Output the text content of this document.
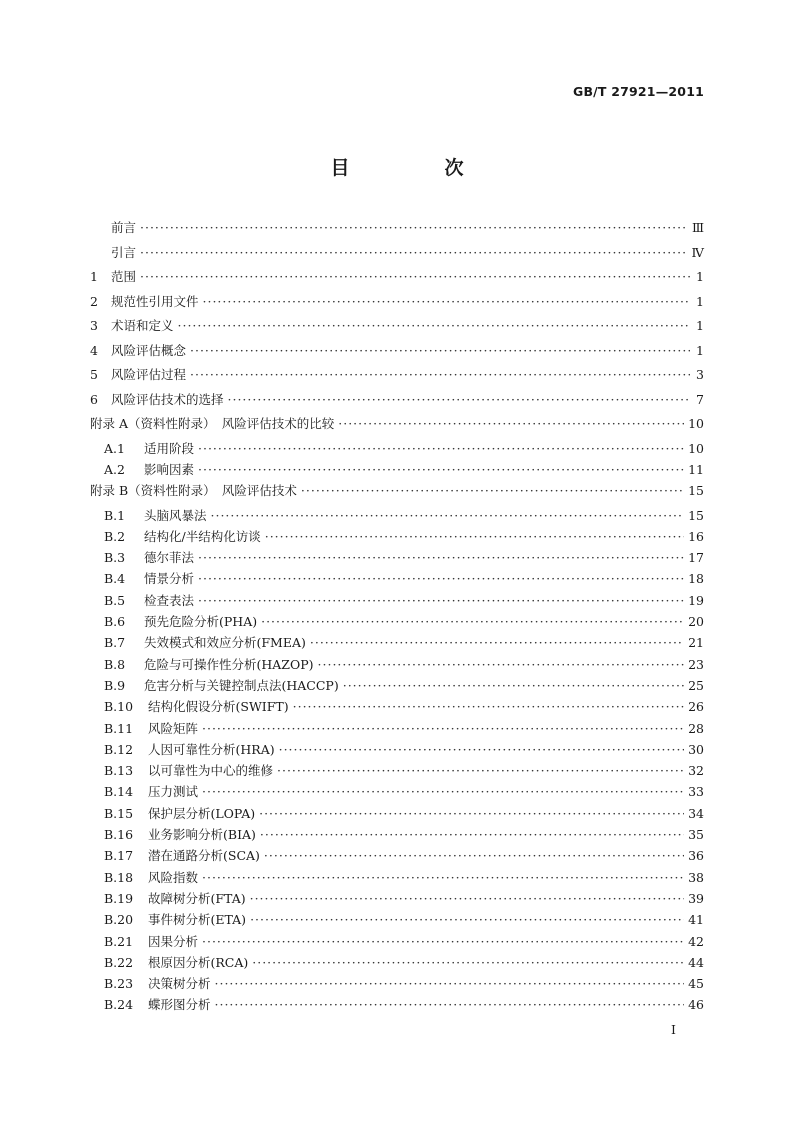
GB/T 27921—2011
目　次
前言 ·····	Ⅲ
引言 ·····	Ⅳ
1 范围 ·····	1
2 规范性引用文件 ·····	1
3 术语和定义 ·····	1
4 风险评估概念 ·····	1
5 风险评估过程 ·····	3
6 风险评估技术的选择 ·····	7
附录 A（资料性附录）　风险评估技术的比较 ·····	10
A.1 适用阶段 ·····	10
A.2 影响因素 ·····	11
附录 B（资料性附录）　风险评估技术 ·····	15
B.1 头脑风暴法 ·····	15
B.2 结构化/半结构化访谈 ·····	16
B.3 德尔菲法 ·····	17
B.4 情景分析 ·····	18
B.5 检查表法 ·····	19
B.6 预先危险分析(PHA) ·····	20
B.7 失效模式和效应分析(FMEA) ·····	21
B.8 危险与可操作性分析(HAZOP) ·····	23
B.9 危害分析与关键控制点法(HACCP) ·····	25
B.10 结构化假设分析(SWIFT) ·····	26
B.11 风险矩阵 ·····	28
B.12 人因可靠性分析(HRA) ·····	30
B.13 以可靠性为中心的维修 ·····	32
B.14 压力测试 ·····	33
B.15 保护层分析(LOPA) ·····	34
B.16 业务影响分析(BIA) ·····	35
B.17 潜在通路分析(SCA) ·····	36
B.18 风险指数 ·····	38
B.19 故障树分析(FTA) ·····	39
B.20 事件树分析(ETA) ·····	41
B.21 因果分析 ·····	42
B.22 根原因分析(RCA) ·····	44
B.23 决策树分析 ·····	45
B.24 蝶形图分析 ·····	46
I
